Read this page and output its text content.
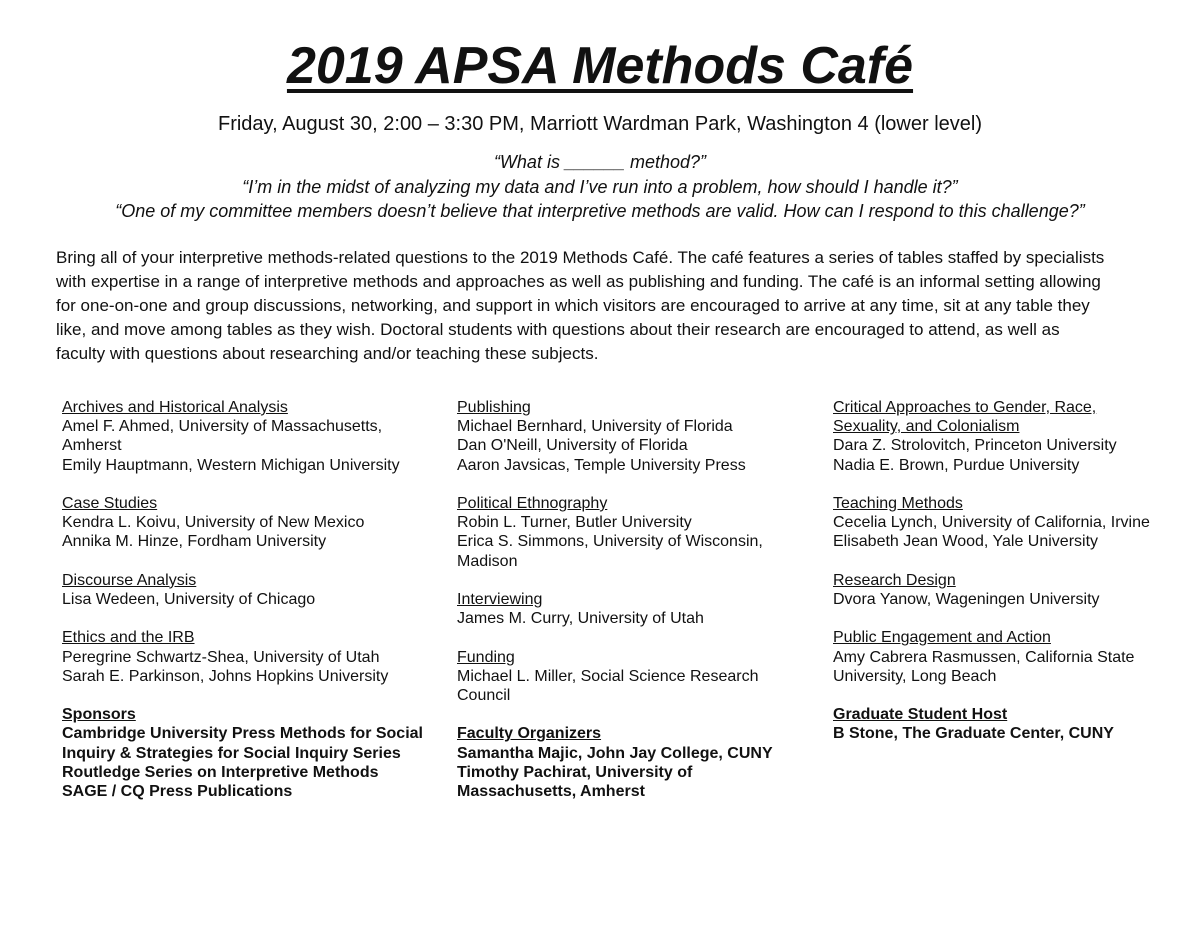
2019 APSA Methods Café
Friday, August 30, 2:00 – 3:30 PM, Marriott Wardman Park, Washington 4 (lower level)
“What is ______ method?”
“I’m in the midst of analyzing my data and I’ve run into a problem, how should I handle it?”
“One of my committee members doesn’t believe that interpretive methods are valid. How can I respond to this challenge?”

Bring all of your interpretive methods-related questions to the 2019 Methods Café. The café features a series of tables staffed by specialists with expertise in a range of interpretive methods and approaches as well as publishing and funding. The café is an informal setting allowing for one-on-one and group discussions, networking, and support in which visitors are encouraged to arrive at any time, sit at any table they like, and move among tables as they wish. Doctoral students with questions about their research are encouraged to attend, as well as faculty with questions about researching and/or teaching these subjects.

Archives and Historical Analysis
Amel F. Ahmed, University of Massachusetts, Amherst
Emily Hauptmann, Western Michigan University
Case Studies
Kendra L. Koivu, University of New Mexico
Annika M. Hinze, Fordham University
Discourse Analysis
Lisa Wedeen, University of Chicago
Ethics and the IRB
Peregrine Schwartz-Shea, University of Utah
Sarah E. Parkinson, Johns Hopkins University
Sponsors
Cambridge University Press Methods for Social Inquiry & Strategies for Social Inquiry Series
Routledge Series on Interpretive Methods
SAGE / CQ Press Publications
Publishing
Michael Bernhard, University of Florida
Dan O'Neill, University of Florida
Aaron Javsicas, Temple University Press
Political Ethnography
Robin L. Turner, Butler University
Erica S. Simmons, University of Wisconsin, Madison
Interviewing
James M. Curry, University of Utah
Funding
Michael L. Miller, Social Science Research Council
Faculty Organizers
Samantha Majic, John Jay College, CUNY
Timothy Pachirat, University of Massachusetts, Amherst
Critical Approaches to Gender, Race, Sexuality, and Colonialism
Dara Z. Strolovitch, Princeton University
Nadia E. Brown, Purdue University
Teaching Methods
Cecelia Lynch, University of California, Irvine
Elisabeth Jean Wood, Yale University
Research Design
Dvora Yanow, Wageningen University
Public Engagement and Action
Amy Cabrera Rasmussen, California State University, Long Beach
Graduate Student Host
B Stone, The Graduate Center, CUNY
